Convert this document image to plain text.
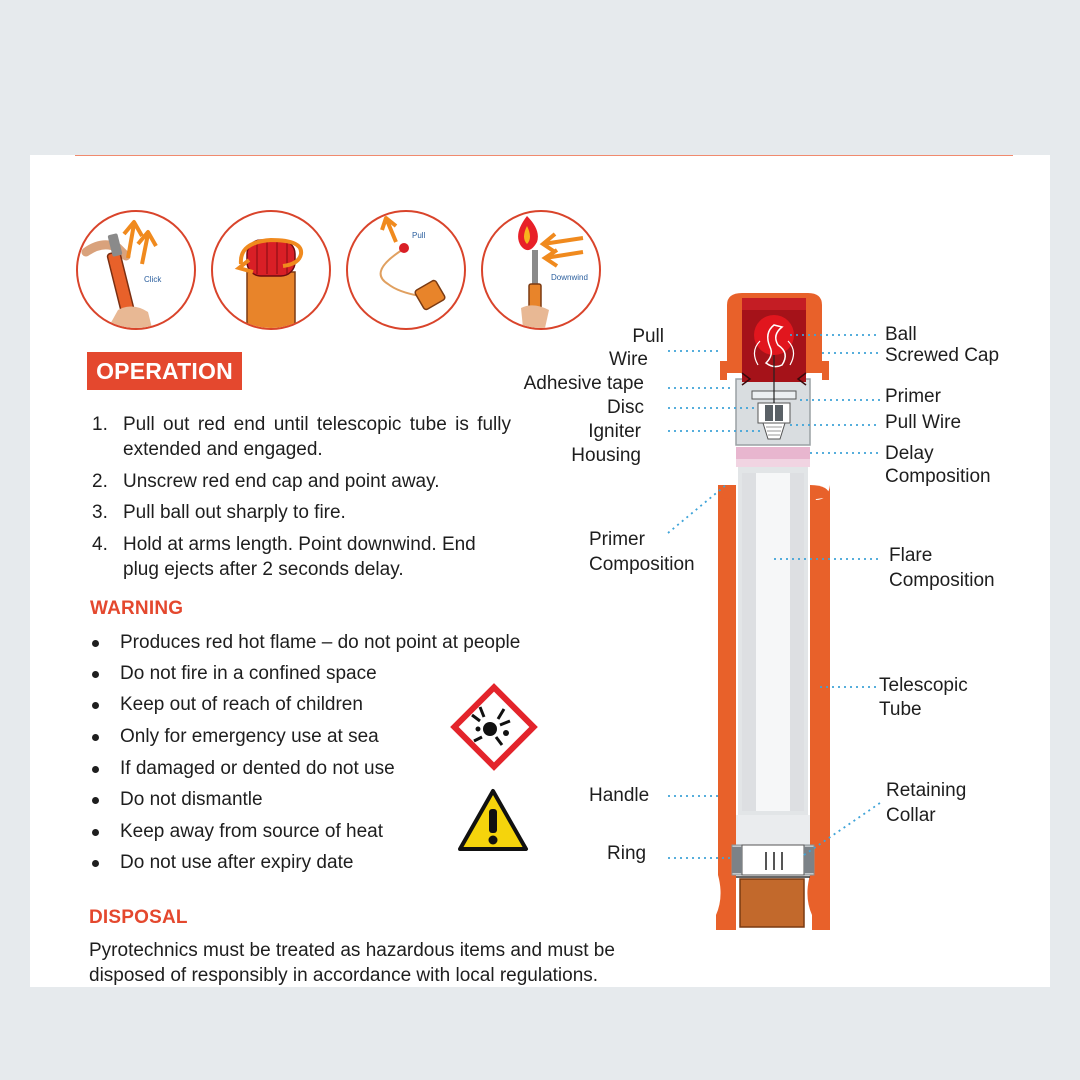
Click
Pull
Downwind
OPERATION
1. Pull out red end until telescopic tube is fully extended and engaged.
2. Unscrew red end cap and point away.
3. Pull ball out sharply to fire.
4. Hold at arms length. Point downwind. End plug ejects after 2 seconds delay.
WARNING
Produces red hot flame – do not point at people
Do not fire in a confined space
Keep out of reach of children
Only for emergency use at sea
If damaged or dented do not use
Do not dismantle
Keep away from source of heat
Do not use after expiry date
DISPOSAL
Pyrotechnics must be treated as hazardous items and must be disposed of responsibly in accordance with local regulations.
Pull
Wire
Adhesive tape
Disc
Igniter
Housing
Primer
Composition
Handle
Ring
Ball
Screwed Cap
Primer
Pull Wire
Delay
Composition
Flare
Composition
Telescopic
Tube
Retaining
Collar
